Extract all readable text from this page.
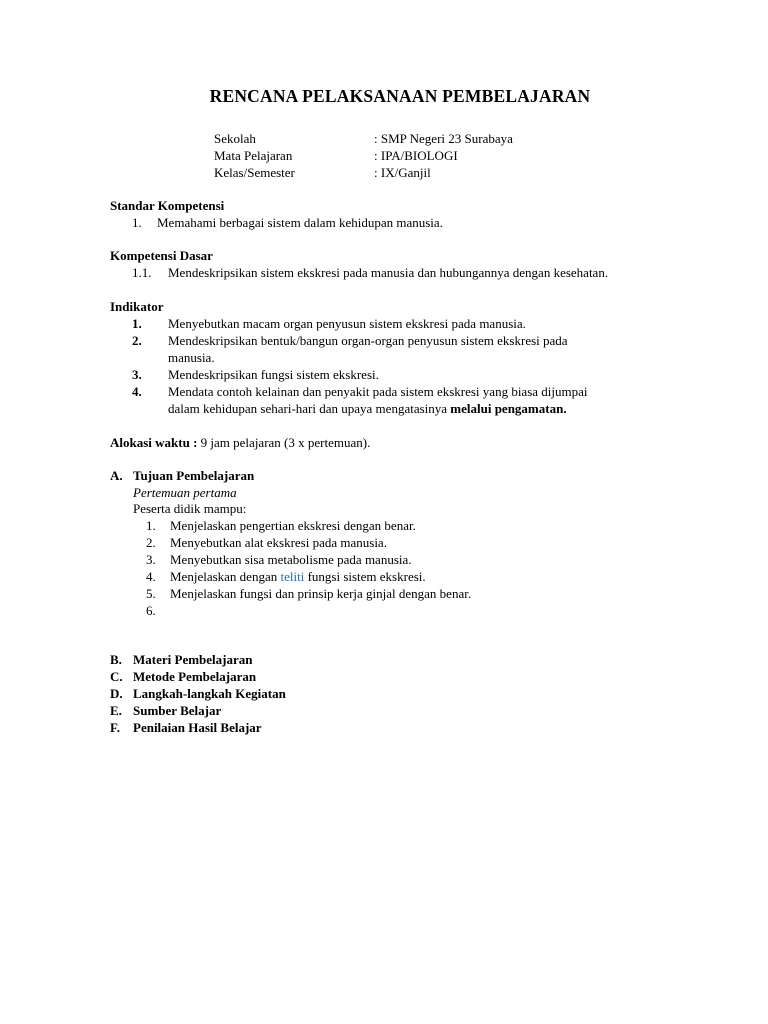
RENCANA PELAKSANAAN PEMBELAJARAN
Sekolah	: SMP Negeri 23 Surabaya
Mata Pelajaran	: IPA/BIOLOGI
Kelas/Semester	: IX/Ganjil
Standar Kompetensi
1. Memahami berbagai sistem dalam kehidupan manusia.
Kompetensi Dasar
1.1. Mendeskripsikan sistem ekskresi pada manusia dan hubungannya dengan kesehatan.
Indikator
1. Menyebutkan macam organ penyusun sistem ekskresi pada manusia.
2. Mendeskripsikan bentuk/bangun organ-organ penyusun sistem ekskresi pada
manusia.
3. Mendeskripsikan fungsi sistem ekskresi.
4. Mendata contoh kelainan dan penyakit pada sistem ekskresi yang biasa dijumpai
dalam kehidupan sehari-hari dan upaya mengatasinya melalui pengamatan.
Alokasi waktu : 9 jam pelajaran (3 x pertemuan).
A. Tujuan Pembelajaran
Pertemuan pertama
Peserta didik mampu:
1. Menjelaskan pengertian ekskresi dengan benar.
2. Menyebutkan alat ekskresi pada manusia.
3. Menyebutkan sisa metabolisme pada manusia.
4. Menjelaskan dengan teliti fungsi sistem ekskresi.
5. Menjelaskan fungsi dan prinsip kerja ginjal dengan benar.
6.
B. Materi Pembelajaran
C. Metode Pembelajaran
D. Langkah-langkah Kegiatan
E. Sumber Belajar
F. Penilaian Hasil Belajar
